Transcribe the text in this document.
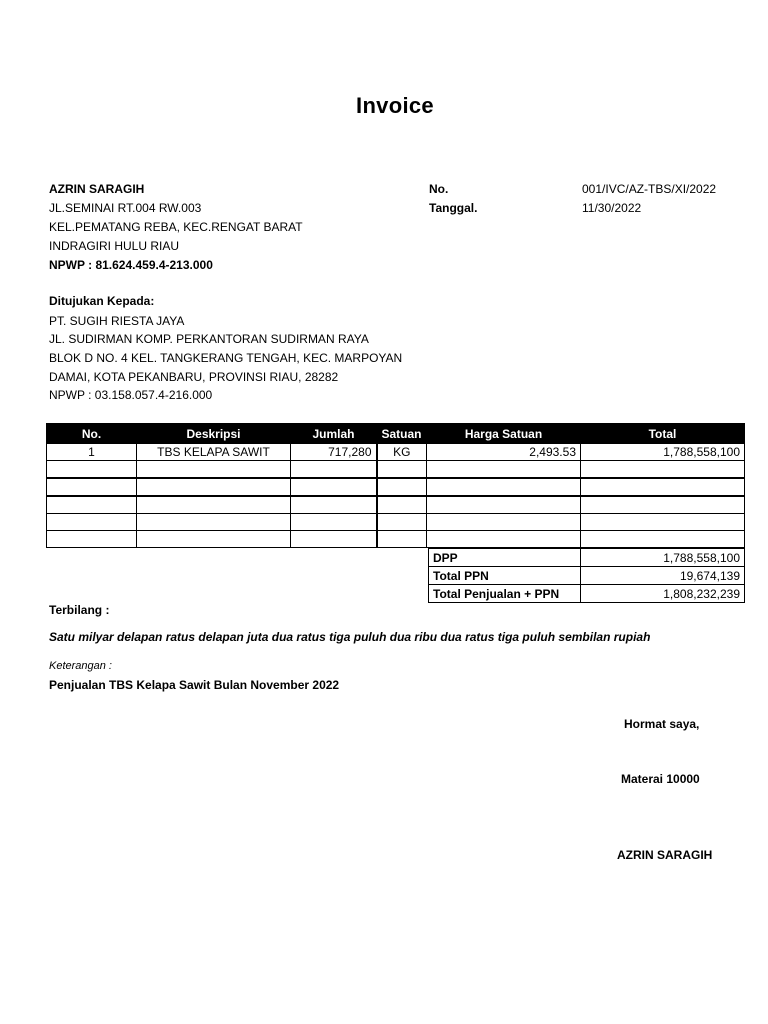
Invoice
AZRIN SARAGIH
JL.SEMINAI RT.004 RW.003
KEL.PEMATANG REBA, KEC.RENGAT BARAT
INDRAGIRI HULU RIAU
NPWP : 81.624.459.4-213.000
No.	001/IVC/AZ-TBS/XI/2022
Tanggal.	11/30/2022
Ditujukan Kepada:
PT. SUGIH RIESTA JAYA
JL. SUDIRMAN KOMP. PERKANTORAN SUDIRMAN RAYA
BLOK D NO. 4 KEL. TANGKERANG TENGAH, KEC. MARPOYAN
DAMAI, KOTA PEKANBARU, PROVINSI RIAU, 28282
NPWP : 03.158.057.4-216.000
No.	Deskripsi	Jumlah	Satuan	Harga Satuan	Total
1	TBS KELAPA SAWIT	717,280	KG	2,493.53	1,788,558,100

DPP	1,788,558,100
Total PPN	19,674,139
Total Penjualan + PPN	1,808,232,239
Terbilang :
Satu milyar delapan ratus delapan juta dua ratus tiga puluh dua ribu dua ratus tiga puluh sembilan rupiah
Keterangan :
Penjualan TBS Kelapa Sawit Bulan November 2022
Hormat saya,
Materai 10000
AZRIN SARAGIH
